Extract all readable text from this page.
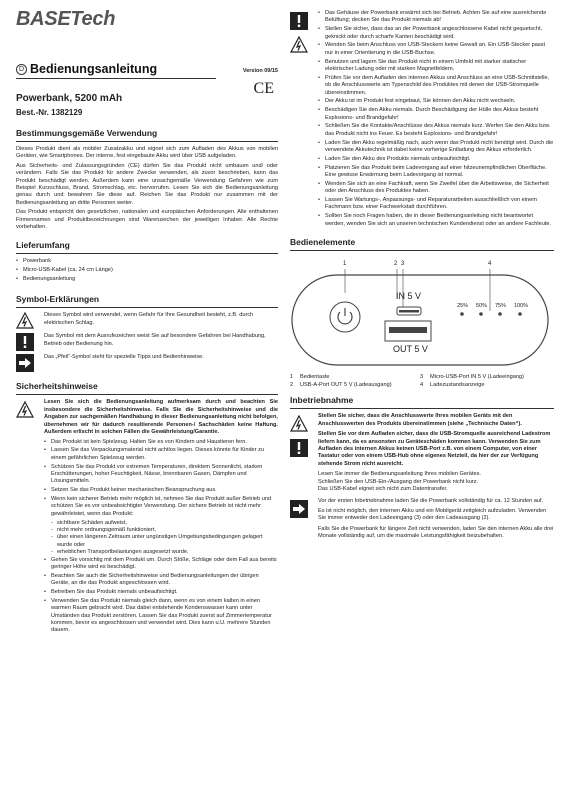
BASETech
D Bedienungsanleitung	Version 09/15
CE
Powerbank, 5200 mAh
Best.-Nr. 1382129
Bestimmungsgemäße Verwendung

Dieses Produkt dient als mobiler Zusatzakku und eignet sich zum Aufladen des Akkus von mobilen Geräten, wie Smartphones. Der interne, fest eingebaute Akku wird über USB aufgeladen.

Aus Sicherheits- und Zulassungsgründen (CE) dürfen Sie das Produkt nicht umbauen und/ oder verändern. Falls Sie das Produkt für andere Zwecke verwenden, als zuvor beschrieben, kann das Produkt beschädigt werden. Außerdem kann eine unsachgemäße Verwendung Gefahren wie zum Beispiel Kurzschluss, Brand, Stromschlag, etc. hervorrufen. Lesen Sie sich die Bedienungsanleitung genau durch und bewahren Sie diese auf. Reichen Sie das Produkt nur zusammen mit der Bedienungsanleitung an dritte Personen weiter.

Das Produkt entspricht den gesetzlichen, nationalen und europäischen Anforderungen. Alle enthaltenen Firmennamen und Produktbezeichnungen sind Warenzeichen der jeweiligen Inhaber. Alle Rechte vorbehalten.

Lieferumfang
• Powerbank
• Micro-USB-Kabel (ca. 24 cm Länge)
• Bedienungsanleitung
Symbol-Erklärungen
Dieses Symbol wird verwendet, wenn Gefahr für Ihre Gesundheit besteht, z.B. durch elektrischen Schlag.
Das Symbol mit dem Ausrufezeichen weist Sie auf besondere Gefahren bei Handhabung, Betrieb oder Bedienung hin.
Das „Pfeil“-Symbol steht für spezielle Tipps und Bedienhinweise.
Sicherheitshinweise

Lesen Sie sich die Bedienungsanleitung aufmerksam durch und beachten Sie insbesondere die Sicherheitshinweise. Falls Sie die Sicherheitshinweise und die Angaben zur sachgemäßen Handhabung in dieser Bedienungsanleitung nicht befolgen, übernehmen wir für dadurch resultierende Personen-/ Sachschäden keine Haftung. Außerdem erlischt in solchen Fällen die Gewährleistung/Garantie.

• Das Produkt ist kein Spielzeug. Halten Sie es von Kindern und Haustieren fern.
• Lassen Sie das Verpackungsmaterial nicht achtlos liegen. Dieses könnte für Kinder zu einem gefährlichen Spielzeug werden.
• Schützen Sie das Produkt vor extremen Temperaturen, direktem Sonnenlicht, starken Erschütterungen, hoher Feuchtigkeit, Nässe, brennbaren Gasen, Dämpfen und Lösungsmitteln.
• Setzen Sie das Produkt keiner mechanischen Beanspruchung aus.
• Wenn kein sicherer Betrieb mehr möglich ist, nehmen Sie das Produkt außer Betrieb und schützen Sie es vor unbeabsichtigter Verwendung. Der sichere Betrieb ist nicht mehr gewährleistet, wenn das Produkt:
- sichtbare Schäden aufweist,
- nicht mehr ordnungsgemäß funktioniert,
- über einen längeren Zeitraum unter ungünstigen Umgebungsbedingungen gelagert wurde oder
- erheblichen Transportbelastungen ausgesetzt wurde.
• Gehen Sie vorsichtig mit dem Produkt um. Durch Stöße, Schläge oder dem Fall aus bereits geringer Höhe wird es beschädigt.
• Beachten Sie auch die Sicherheitshinweise und Bedienungsanleitungen der übrigen Geräte, an die das Produkt angeschlossen wird.
• Betreiben Sie das Produkt niemals unbeaufsichtigt.
• Verwenden Sie das Produkt niemals gleich dann, wenn es von einem kalten in einen warmen Raum gebracht wird. Das dabei entstehende Kondenswasser kann unter Umständen das Produkt zerstören. Lassen Sie das Produkt zuerst auf Zimmertemperatur kommen, bevor es angeschlossen und verwendet wird. Dies kann u.U. mehrere Stunden dauern.
• Das Gehäuse der Powerbank erwärmt sich bei Betrieb. Achten Sie auf eine ausreichende Belüftung; decken Sie das Produkt niemals ab!
• Stellen Sie sicher, dass das an der Powerbank angeschlossene Kabel nicht gequetscht, geknickt oder durch scharfe Kanten beschädigt wird.
• Wenden Sie beim Anschluss von USB-Steckern keine Gewalt an. Ein USB-Stecker passt nur in einer Orientierung in die USB-Buchse.
• Benutzen und lagern Sie das Produkt nicht in einem Umfeld mit starker statischer elektrischer Ladung oder mit starken Magnetfeldern.
• Prüfen Sie vor dem Aufladen des internen Akkus und Anschluss an eine USB-Schnittstelle, ob die Anschlusswerte am Typenschild des Produktes mit denen der USB-Stromquelle übereinstimmen.
• Der Akku ist im Produkt fest eingebaut, Sie können den Akku nicht wechseln.
• Beschädigen Sie den Akku niemals. Durch Beschädigung der Hülle des Akkus besteht Explosions- und Brandgefahr!
• Schließen Sie die Kontakte/Anschlüsse des Akkus niemals kurz. Werfen Sie den Akku bzw. das Produkt nicht ins Feuer. Es besteht Explosions- und Brandgefahr!
• Laden Sie den Akku regelmäßig nach, auch wenn das Produkt nicht benötigt wird. Durch die verwendete Akkutechnik ist dabei keine vorherige Entladung des Akkus erforderlich.
• Laden Sie den Akku des Produkts niemals unbeaufsichtigt.
• Platzieren Sie das Produkt beim Ladevorgang auf einer hitzeunempfindlichen Oberfläche. Eine gewisse Erwärmung beim Ladevorgang ist normal.
• Wenden Sie sich an eine Fachkraft, wenn Sie Zweifel über die Arbeitsweise, die Sicherheit oder den Anschluss des Produktes haben.
• Lassen Sie Wartungs-, Anpassungs- und Reparaturarbeiten ausschließlich von einem Fachmann bzw. einer Fachwerkstatt durchführen.
• Sollten Sie noch Fragen haben, die in dieser Bedienungsanleitung nicht beantwortet werden, wenden Sie sich an unseren technischen Kundendienst oder an andere Fachleute.
Bedienelemente
1	2 3	4
IN 5 V
OUT 5 V
25% 50% 75% 100%
1 Bedientaste	3 Micro-USB-Port IN 5 V (Ladeeingang)
2 USB-A-Port OUT 5 V (Ladeausgang)	4 Ladezustandsanzeige
Inbetriebnahme

Stellen Sie sicher, dass die Anschlusswerte Ihres mobilen Geräts mit den Anschlusswerten des Produkts übereinstimmen (siehe „Technische Daten“).

Stellen Sie vor dem Aufladen sicher, dass die USB-Stromquelle ausreichend Ladestrom liefern kann, da es ansonsten zu Geräteschäden kommen kann. Verwenden Sie zum Aufladen des internen Akkus keinen USB-Port z.B. von einem Computer, von einer Tastatur oder von einem USB-Hub ohne eigenes Netzteil, da hier der zur Verfügung stehende Strom nicht ausreicht.

Lesen Sie immer die Bedienungsanleitung Ihres mobilen Gerätes.

Schließen Sie den USB-Ein-/Ausgang der Powerbank nicht kurz.

Das USB-Kabel eignet sich nicht zum Datentransfer.

Vor der ersten Inbetriebnahme laden Sie die Powerbank vollständig für ca. 12 Stunden auf.

Es ist nicht möglich, den internen Akku und ein Mobilgerät zeitgleich aufzuladen. Verwenden Sie immer entweder den Ladeeingang (3) oder den Ladeausgang (2).

Falls Sie die Powerbank für längere Zeit nicht verwenden, laden Sie den internen Akku alle drei Monate vollständig auf, um die maximale Leistungsfähigkeit beizubehalten.
